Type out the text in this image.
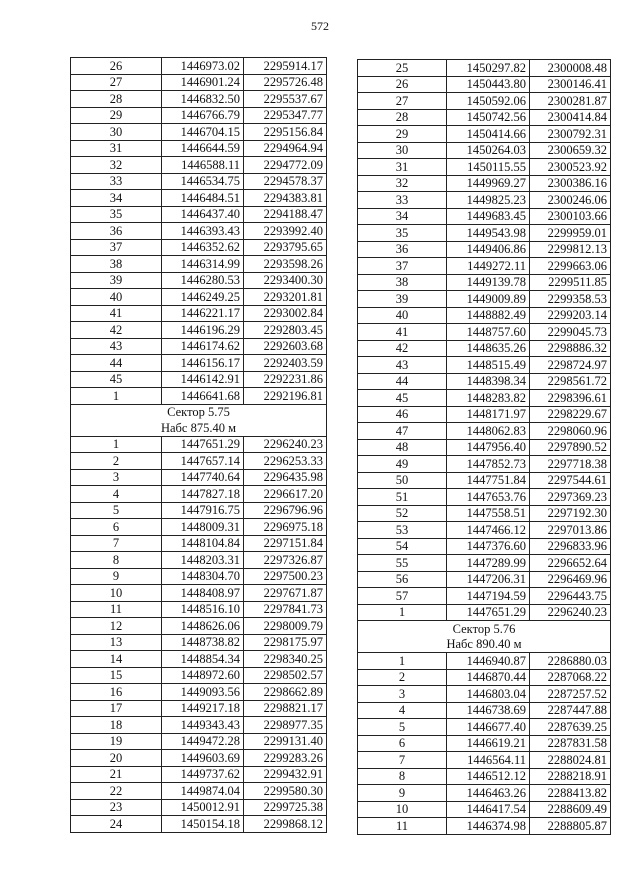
572
26	1446973.02	2295914.17
27	1446901.24	2295726.48
28	1446832.50	2295537.67
29	1446766.79	2295347.77
30	1446704.15	2295156.84
31	1446644.59	2294964.94
32	1446588.11	2294772.09
33	1446534.75	2294578.37
34	1446484.51	2294383.81
35	1446437.40	2294188.47
36	1446393.43	2293992.40
37	1446352.62	2293795.65
38	1446314.99	2293598.26
39	1446280.53	2293400.30
40	1446249.25	2293201.81
41	1446221.17	2293002.84
42	1446196.29	2292803.45
43	1446174.62	2292603.68
44	1446156.17	2292403.59
45	1446142.91	2292231.86
1	1446641.68	2292196.81
Сектор 5.75		
Набс 875.40 м		
1	1447651.29	2296240.23
2	1447657.14	2296253.33
3	1447740.64	2296435.98
4	1447827.18	2296617.20
5	1447916.75	2296796.96
6	1448009.31	2296975.18
7	1448104.84	2297151.84
8	1448203.31	2297326.87
9	1448304.70	2297500.23
10	1448408.97	2297671.87
11	1448516.10	2297841.73
12	1448626.06	2298009.79
13	1448738.82	2298175.97
14	1448854.34	2298340.25
15	1448972.60	2298502.57
16	1449093.56	2298662.89
17	1449217.18	2298821.17
18	1449343.43	2298977.35
19	1449472.28	2299131.40
20	1449603.69	2299283.26
21	1449737.62	2299432.91
22	1449874.04	2299580.30
23	1450012.91	2299725.38
24	1450154.18	2299868.12
25	1450297.82	2300008.48
26	1450443.80	2300146.41
27	1450592.06	2300281.87
28	1450742.56	2300414.84
29	1450414.66	2300792.31
30	1450264.03	2300659.32
31	1450115.55	2300523.92
32	1449969.27	2300386.16
33	1449825.23	2300246.06
34	1449683.45	2300103.66
35	1449543.98	2299959.01
36	1449406.86	2299812.13
37	1449272.11	2299663.06
38	1449139.78	2299511.85
39	1449009.89	2299358.53
40	1448882.49	2299203.14
41	1448757.60	2299045.73
42	1448635.26	2298886.32
43	1448515.49	2298724.97
44	1448398.34	2298561.72
45	1448283.82	2298396.61
46	1448171.97	2298229.67
47	1448062.83	2298060.96
48	1447956.40	2297890.52
49	1447852.73	2297718.38
50	1447751.84	2297544.61
51	1447653.76	2297369.23
52	1447558.51	2297192.30
53	1447466.12	2297013.86
54	1447376.60	2296833.96
55	1447289.99	2296652.64
56	1447206.31	2296469.96
57	1447194.59	2296443.75
1	1447651.29	2296240.23
Сектор 5.76		
Набс 890.40 м		
1	1446940.87	2286880.03
2	1446870.44	2287068.22
3	1446803.04	2287257.52
4	1446738.69	2287447.88
5	1446677.40	2287639.25
6	1446619.21	2287831.58
7	1446564.11	2288024.81
8	1446512.12	2288218.91
9	1446463.26	2288413.82
10	1446417.54	2288609.49
11	1446374.98	2288805.87
